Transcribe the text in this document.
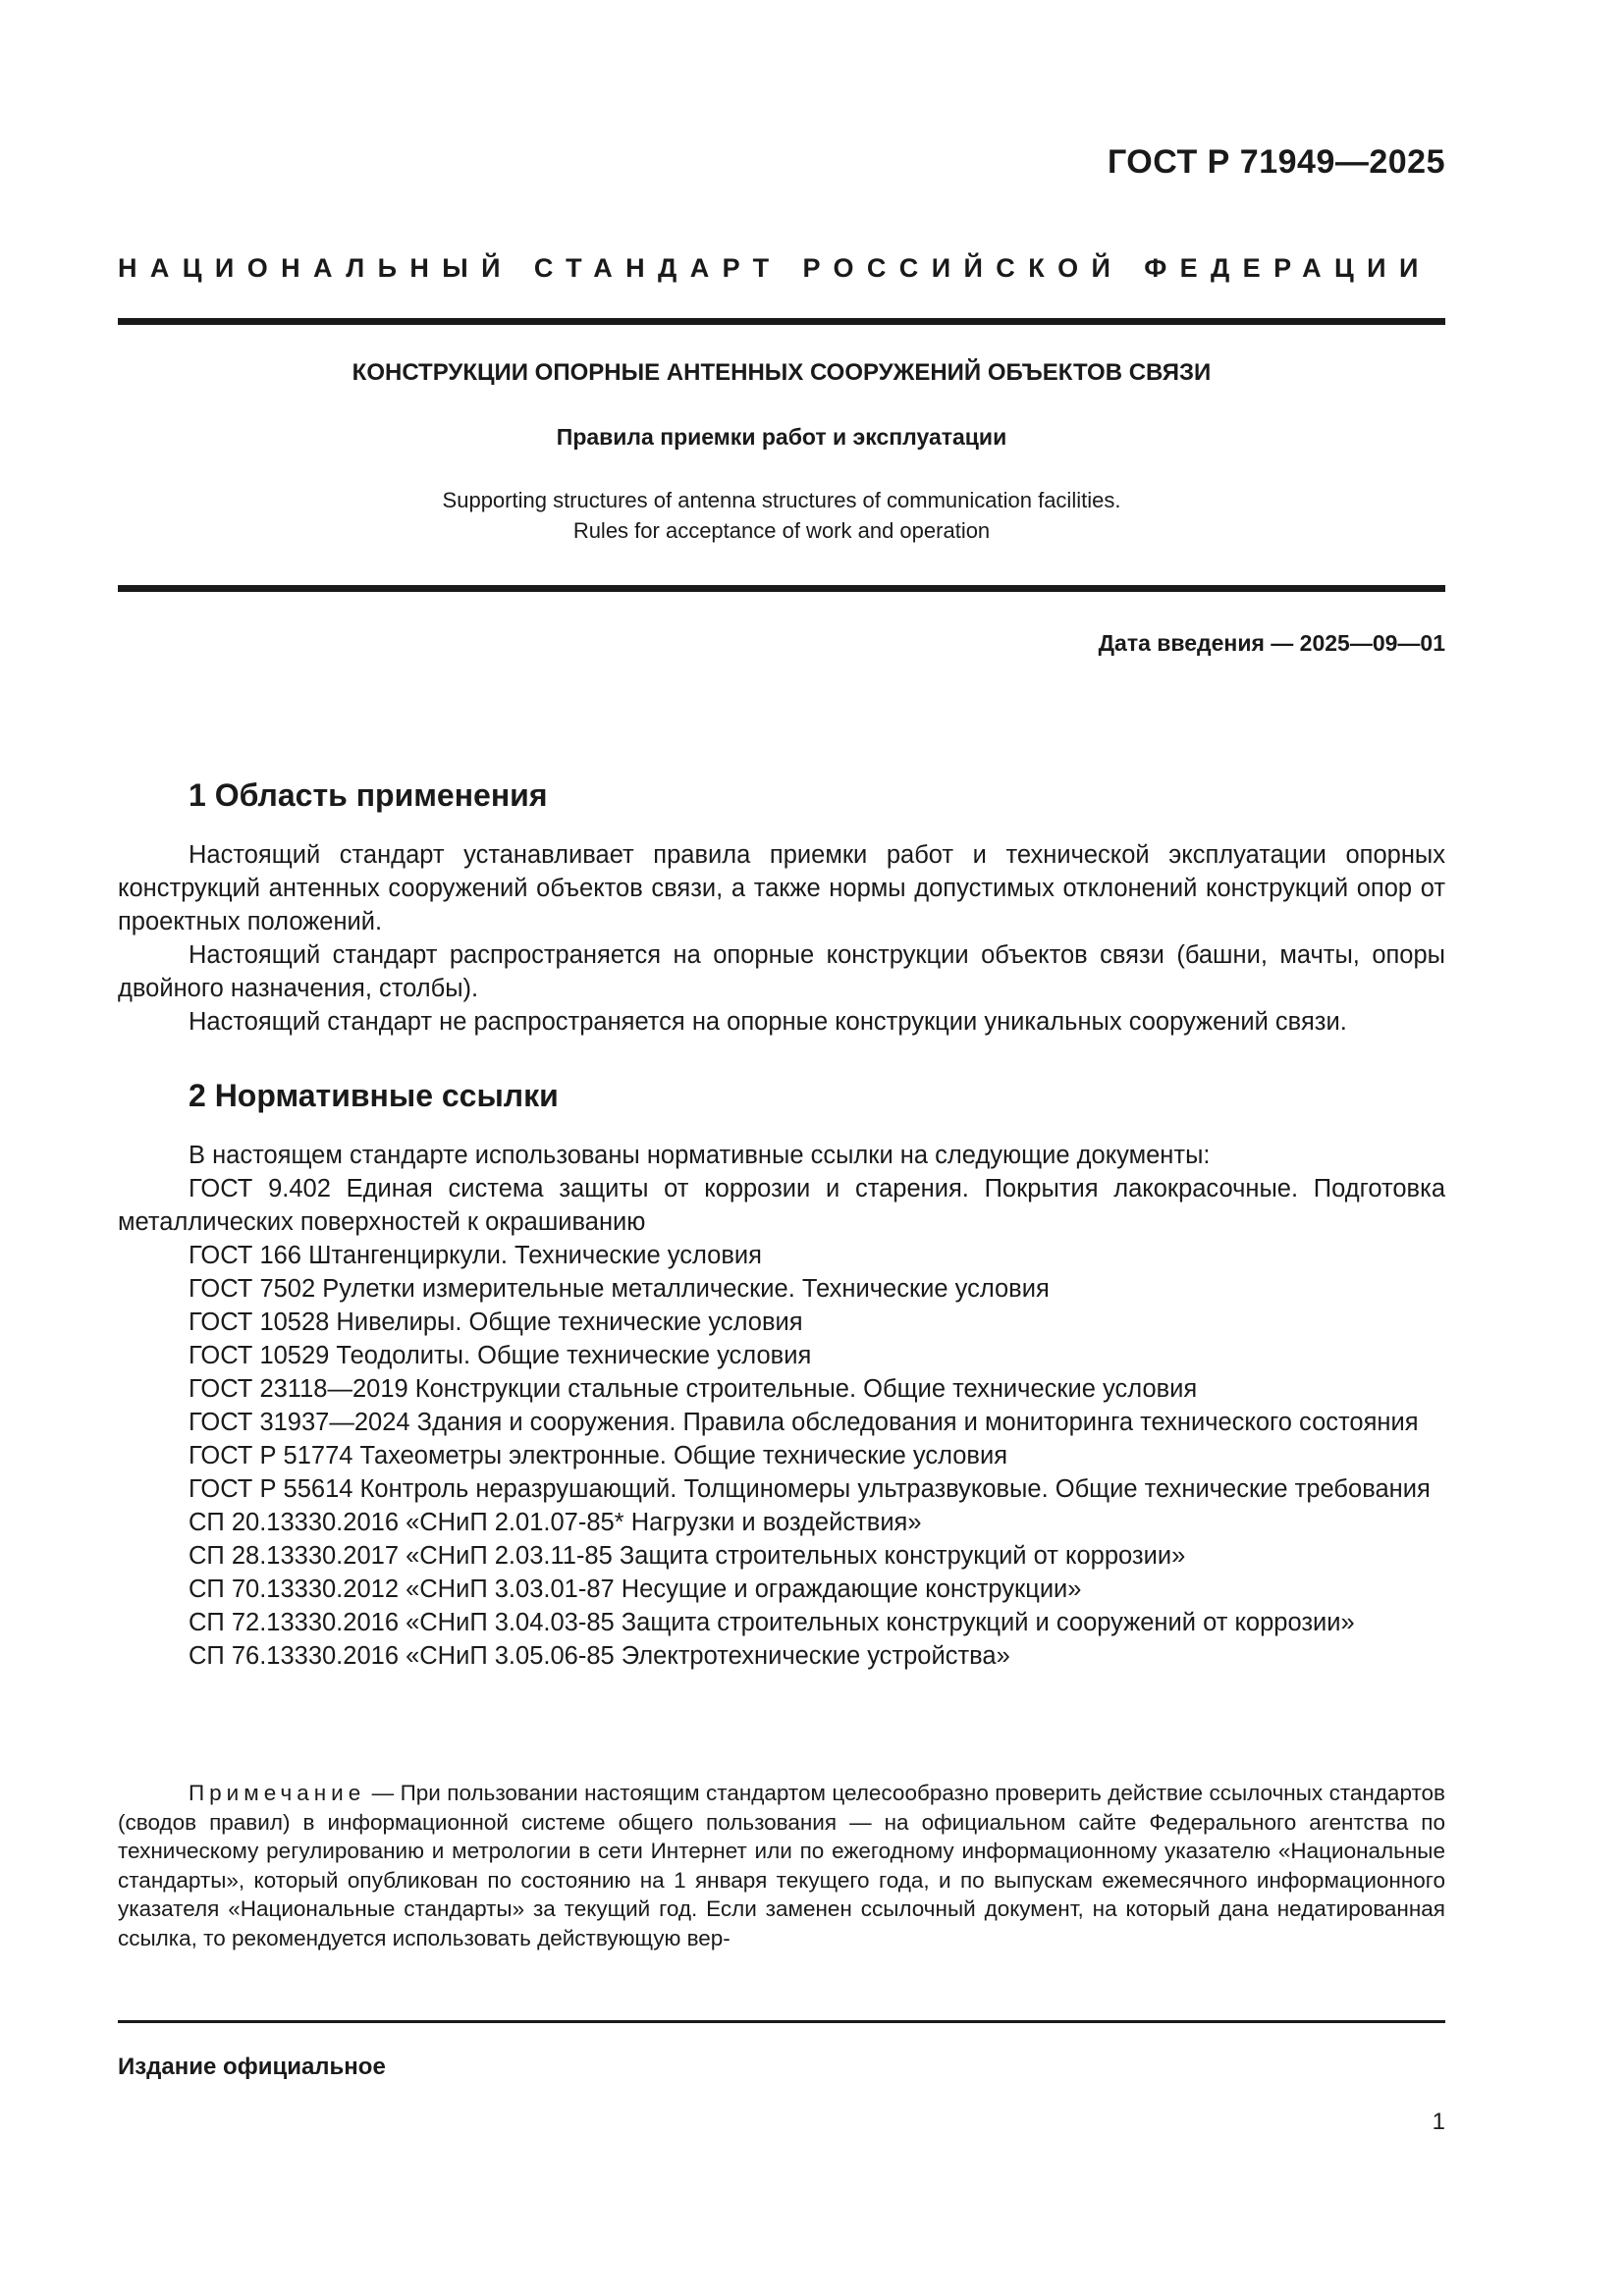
ГОСТ Р 71949—2025
НАЦИОНАЛЬНЫЙ СТАНДАРТ РОССИЙСКОЙ ФЕДЕРАЦИИ
КОНСТРУКЦИИ ОПОРНЫЕ АНТЕННЫХ СООРУЖЕНИЙ ОБЪЕКТОВ СВЯЗИ
Правила приемки работ и эксплуатации
Supporting structures of antenna structures of communication facilities.
Rules for acceptance of work and operation
Дата введения — 2025—09—01
1 Область применения

Настоящий стандарт устанавливает правила приемки работ и технической эксплуатации опорных конструкций антенных сооружений объектов связи, а также нормы допустимых отклонений конструкций опор от проектных положений.

Настоящий стандарт распространяется на опорные конструкции объектов связи (башни, мачты, опоры двойного назначения, столбы).

Настоящий стандарт не распространяется на опорные конструкции уникальных сооружений связи.

2 Нормативные ссылки

В настоящем стандарте использованы нормативные ссылки на следующие документы:

ГОСТ 9.402 Единая система защиты от коррозии и старения. Покрытия лакокрасочные. Подготовка металлических поверхностей к окрашиванию

ГОСТ 166 Штангенциркули. Технические условия

ГОСТ 7502 Рулетки измерительные металлические. Технические условия

ГОСТ 10528 Нивелиры. Общие технические условия

ГОСТ 10529 Теодолиты. Общие технические условия

ГОСТ 23118—2019 Конструкции стальные строительные. Общие технические условия

ГОСТ 31937—2024 Здания и сооружения. Правила обследования и мониторинга технического состояния

ГОСТ Р 51774 Тахеометры электронные. Общие технические условия

ГОСТ Р 55614 Контроль неразрушающий. Толщиномеры ультразвуковые. Общие технические требования

СП 20.13330.2016 «СНиП 2.01.07-85* Нагрузки и воздействия»

СП 28.13330.2017 «СНиП 2.03.11-85 Защита строительных конструкций от коррозии»

СП 70.13330.2012 «СНиП 3.03.01-87 Несущие и ограждающие конструкции»

СП 72.13330.2016 «СНиП 3.04.03-85 Защита строительных конструкций и сооружений от коррозии»

СП 76.13330.2016 «СНиП 3.05.06-85 Электротехнические устройства»

Примечание — При пользовании настоящим стандартом целесообразно проверить действие ссылочных стандартов (сводов правил) в информационной системе общего пользования — на официальном сайте Федерального агентства по техническому регулированию и метрологии в сети Интернет или по ежегодному информационному указателю «Национальные стандарты», который опубликован по состоянию на 1 января текущего года, и по выпускам ежемесячного информационного указателя «Национальные стандарты» за текущий год. Если заменен ссылочный документ, на который дана недатированная ссылка, то рекомендуется использовать действующую вер-
Издание официальное
1
